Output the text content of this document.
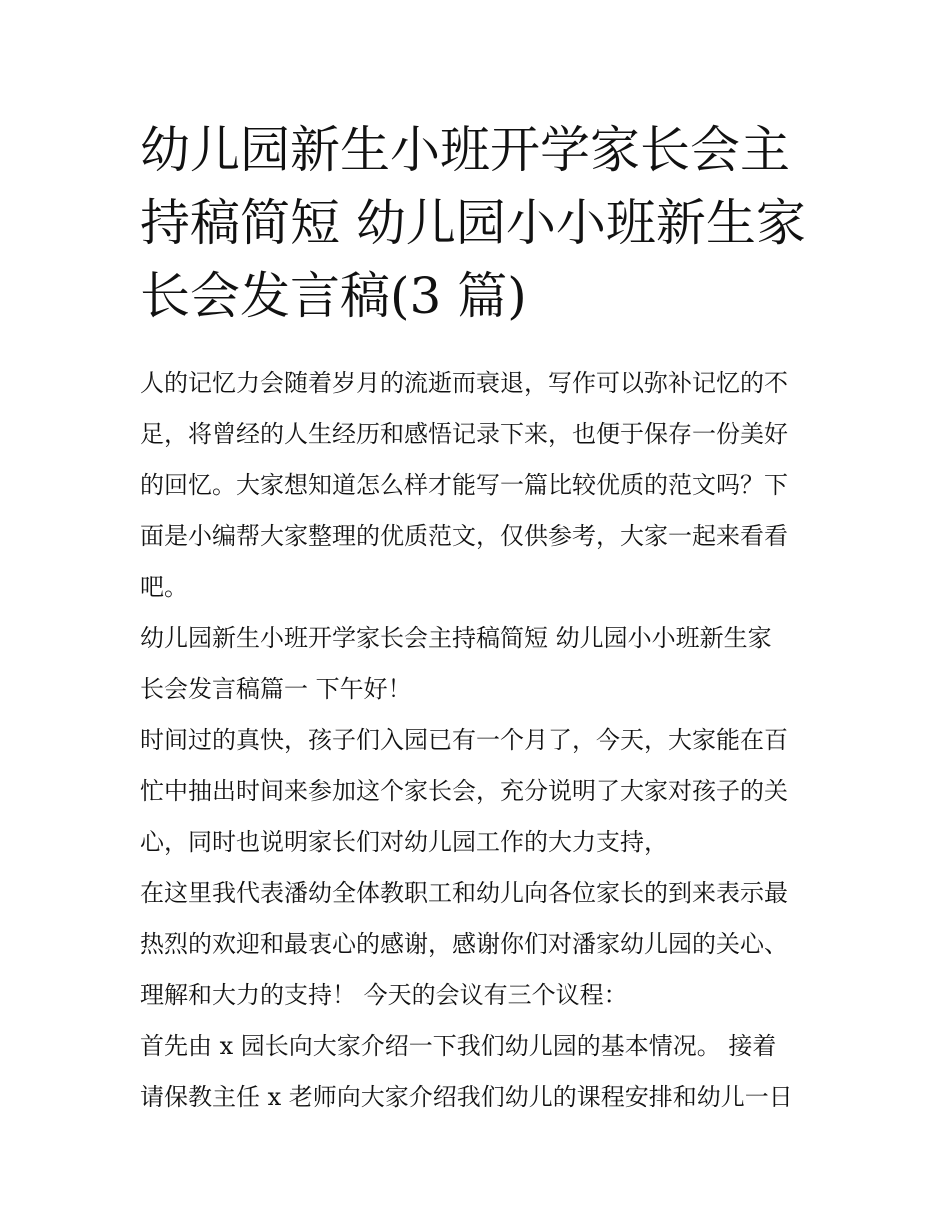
幼儿园新生小班开学家长会主
持稿简短 幼儿园小小班新生家
长会发言稿(3 篇)
人的记忆力会随着岁月的流逝而衰退，写作可以弥补记忆的不
足，将曾经的人生经历和感悟记录下来，也便于保存一份美好
的回忆。大家想知道怎么样才能写一篇比较优质的范文吗？下
面是小编帮大家整理的优质范文，仅供参考，大家一起来看看
吧。
幼儿园新生小班开学家长会主持稿简短 幼儿园小小班新生家
长会发言稿篇一 下午好！
时间过的真快，孩子们入园已有一个月了，今天，大家能在百
忙中抽出时间来参加这个家长会，充分说明了大家对孩子的关
心，同时也说明家长们对幼儿园工作的大力支持，
在这里我代表潘幼全体教职工和幼儿向各位家长的到来表示最
热烈的欢迎和最衷心的感谢，感谢你们对潘家幼儿园的关心、
理解和大力的支持！ 今天的会议有三个议程：
首先由 x 园长向大家介绍一下我们幼儿园的基本情况。 接着
请保教主任 x 老师向大家介绍我们幼儿的课程安排和幼儿一日
